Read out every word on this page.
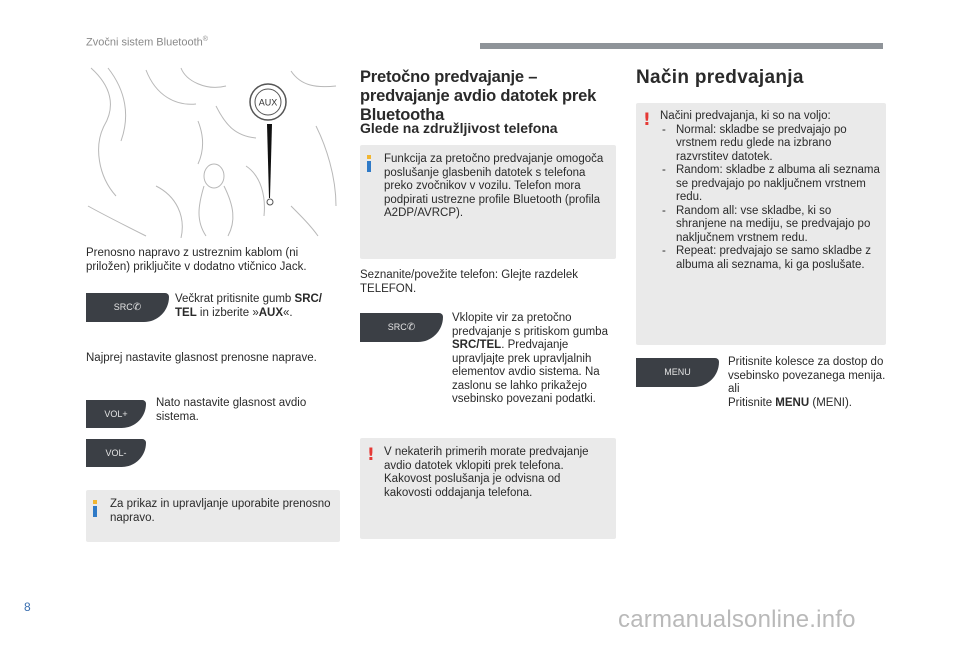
Zvočni sistem Bluetooth®
AUX

Prenosno napravo z ustreznim kablom (ni priložen) priključite v dodatno vtičnico Jack.

SRC✆

Večkrat pritisnite gumb SRC/ TEL in izberite »AUX«.

Najprej nastavite glasnost prenosne naprave.

VOL+
VOL-

Nato nastavite glasnost avdio sistema.

Za prikaz in upravljanje uporabite prenosno napravo.

Pretočno predvajanje – predvajanje avdio datotek prek Bluetootha
Glede na združljivost telefona

Funkcija za pretočno predvajanje omogoča poslušanje glasbenih datotek s telefona preko zvočnikov v vozilu. Telefon mora podpirati ustrezne profile Bluetooth (profila A2DP/AVRCP).

Seznanite/povežite telefon: Glejte razdelek TELEFON.

SRC✆

Vklopite vir za pretočno predvajanje s pritiskom gumba SRC/TEL. Predvajanje upravljajte prek upravljalnih elementov avdio sistema. Na zaslonu se lahko prikažejo vsebinsko povezani podatki.

! V nekaterih primerih morate predvajanje avdio datotek vklopiti prek telefona. Kakovost poslušanja je odvisna od kakovosti oddajanja telefona.

Način predvajanja
! Načini predvajanja, ki so na voljo:

- Normal: skladbe se predvajajo po vrstnem redu glede na izbrano razvrstitev datotek.
- Random: skladbe z albuma ali seznama se predvajajo po naključnem vrstnem redu.
- Random all: vse skladbe, ki so shranjene na mediju, se predvajajo po naključnem vrstnem redu.
- Repeat: predvajajo se samo skladbe z albuma ali seznama, ki ga poslušate.
MENU

Pritisnite kolesce za dostop do vsebinsko povezanega menija.

ali

Pritisnite MENU (MENI).

8	carmanualsonline.info
